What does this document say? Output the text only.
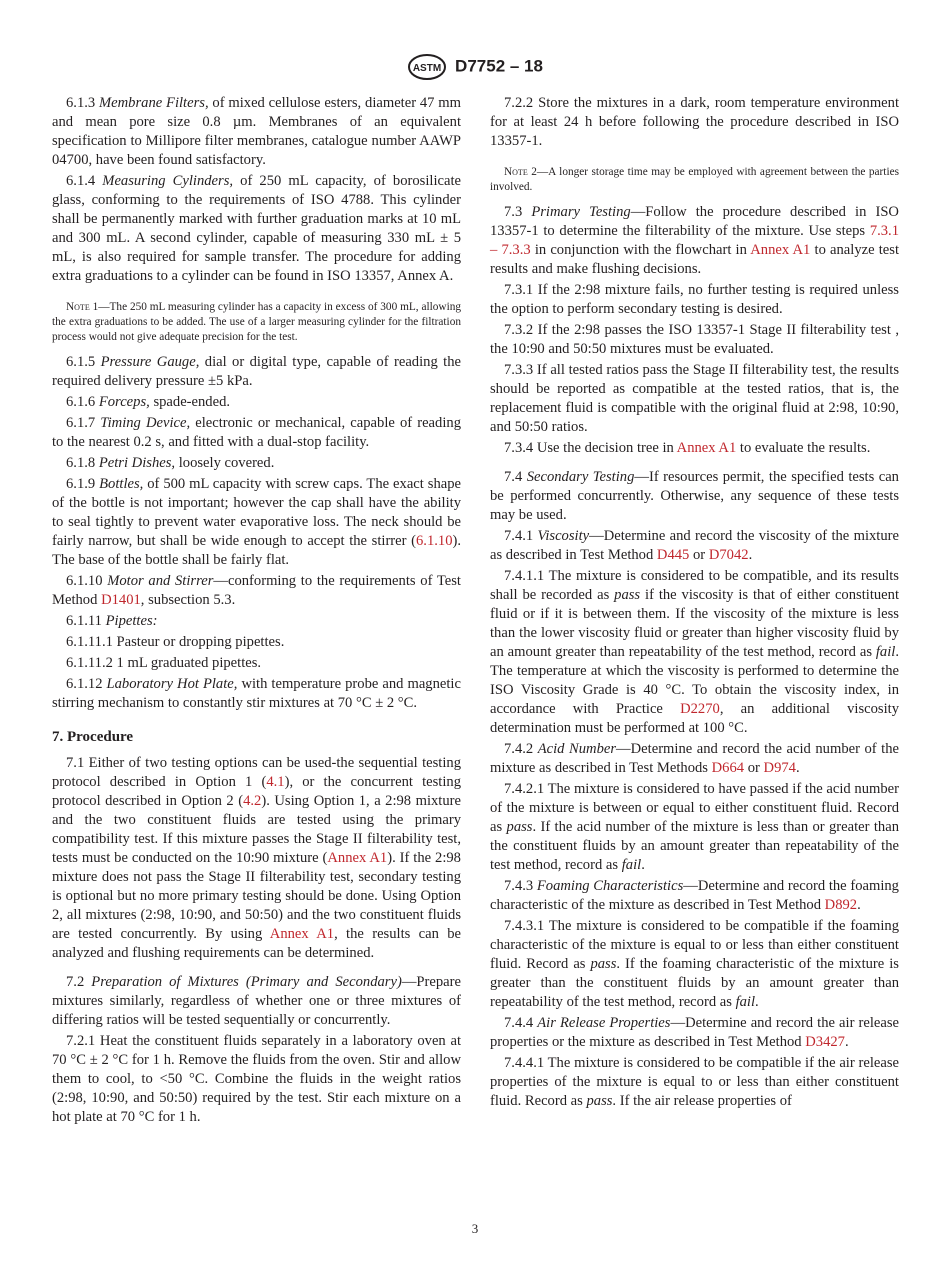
ASTM D7752 – 18

6.1.3 Membrane Filters, of mixed cellulose esters, diameter 47 mm and mean pore size 0.8 µm. Membranes of an equivalent specification to Millipore filter membranes, catalogue number AAWP 04700, have been found satisfactory.

6.1.4 Measuring Cylinders, of 250 mL capacity, of borosilicate glass, conforming to the requirements of ISO 4788. This cylinder shall be permanently marked with further graduation marks at 10 mL and 300 mL. A second cylinder, capable of measuring 330 mL ± 5 mL, is also required for sample transfer. The procedure for adding extra graduations to a cylinder can be found in ISO 13357, Annex A.

Note 1—The 250 mL measuring cylinder has a capacity in excess of 300 mL, allowing the extra graduations to be added. The use of a larger measuring cylinder for the filtration process would not give adequate precision for the test.

6.1.5 Pressure Gauge, dial or digital type, capable of reading the required delivery pressure ±5 kPa.

6.1.6 Forceps, spade-ended.

6.1.7 Timing Device, electronic or mechanical, capable of reading to the nearest 0.2 s, and fitted with a dual-stop facility.

6.1.8 Petri Dishes, loosely covered.

6.1.9 Bottles, of 500 mL capacity with screw caps. The exact shape of the bottle is not important; however the cap shall have the ability to seal tightly to prevent water evaporative loss. The neck should be fairly narrow, but shall be wide enough to accept the stirrer (6.1.10). The base of the bottle shall be fairly flat.

6.1.10 Motor and Stirrer—conforming to the requirements of Test Method D1401, subsection 5.3.

6.1.11 Pipettes:

6.1.11.1 Pasteur or dropping pipettes.

6.1.11.2 1 mL graduated pipettes.

6.1.12 Laboratory Hot Plate, with temperature probe and magnetic stirring mechanism to constantly stir mixtures at 70 °C ± 2 °C.

7. Procedure

7.1 Either of two testing options can be used-the sequential testing protocol described in Option 1 (4.1), or the concurrent testing protocol described in Option 2 (4.2). Using Option 1, a 2:98 mixture and the two constituent fluids are tested using the primary compatibility test. If this mixture passes the Stage II filterability test, tests must be conducted on the 10:90 mixture (Annex A1). If the 2:98 mixture does not pass the Stage II filterability test, secondary testing is optional but no more primary testing should be done. Using Option 2, all mixtures (2:98, 10:90, and 50:50) and the two constituent fluids are tested concurrently. By using Annex A1, the results can be analyzed and flushing requirements can be determined.

7.2 Preparation of Mixtures (Primary and Secondary)—Prepare mixtures similarly, regardless of whether one or three mixtures of differing ratios will be tested sequentially or concurrently.

7.2.1 Heat the constituent fluids separately in a laboratory oven at 70 °C ± 2 °C for 1 h. Remove the fluids from the oven. Stir and allow them to cool, to <50 °C. Combine the fluids in the weight ratios (2:98, 10:90, and 50:50) required by the test. Stir each mixture on a hot plate at 70 °C for 1 h.

7.2.2 Store the mixtures in a dark, room temperature environment for at least 24 h before following the procedure described in ISO 13357-1.

Note 2—A longer storage time may be employed with agreement between the parties involved.

7.3 Primary Testing—Follow the procedure described in ISO 13357-1 to determine the filterability of the mixture. Use steps 7.3.1 – 7.3.3 in conjunction with the flowchart in Annex A1 to analyze test results and make flushing decisions.

7.3.1 If the 2:98 mixture fails, no further testing is required unless the option to perform secondary testing is desired.

7.3.2 If the 2:98 passes the ISO 13357-1 Stage II filterability test , the 10:90 and 50:50 mixtures must be evaluated.

7.3.3 If all tested ratios pass the Stage II filterability test, the results should be reported as compatible at the tested ratios, that is, the replacement fluid is compatible with the original fluid at 2:98, 10:90, and 50:50 ratios.

7.3.4 Use the decision tree in Annex A1 to evaluate the results.

7.4 Secondary Testing—If resources permit, the specified tests can be performed concurrently. Otherwise, any sequence of these tests may be used.

7.4.1 Viscosity—Determine and record the viscosity of the mixture as described in Test Method D445 or D7042.

7.4.1.1 The mixture is considered to be compatible, and its results shall be recorded as pass if the viscosity is that of either constituent fluid or if it is between them. If the viscosity of the mixture is less than the lower viscosity fluid or greater than higher viscosity fluid by an amount greater than repeatability of the test method, record as fail. The temperature at which the viscosity is performed to determine the ISO Viscosity Grade is 40 °C. To obtain the viscosity index, in accordance with Practice D2270, an additional viscosity determination must be performed at 100 °C.

7.4.2 Acid Number—Determine and record the acid number of the mixture as described in Test Methods D664 or D974.

7.4.2.1 The mixture is considered to have passed if the acid number of the mixture is between or equal to either constituent fluid. Record as pass. If the acid number of the mixture is less than or greater than the constituent fluids by an amount greater than repeatability of the test method, record as fail.

7.4.3 Foaming Characteristics—Determine and record the foaming characteristic of the mixture as described in Test Method D892.

7.4.3.1 The mixture is considered to be compatible if the foaming characteristic of the mixture is equal to or less than either constituent fluid. Record as pass. If the foaming characteristic of the mixture is greater than the constituent fluids by an amount greater than repeatability of the test method, record as fail.

7.4.4 Air Release Properties—Determine and record the air release properties or the mixture as described in Test Method D3427.

7.4.4.1 The mixture is considered to be compatible if the air release properties of the mixture is equal to or less than either constituent fluid. Record as pass. If the air release properties of

3
